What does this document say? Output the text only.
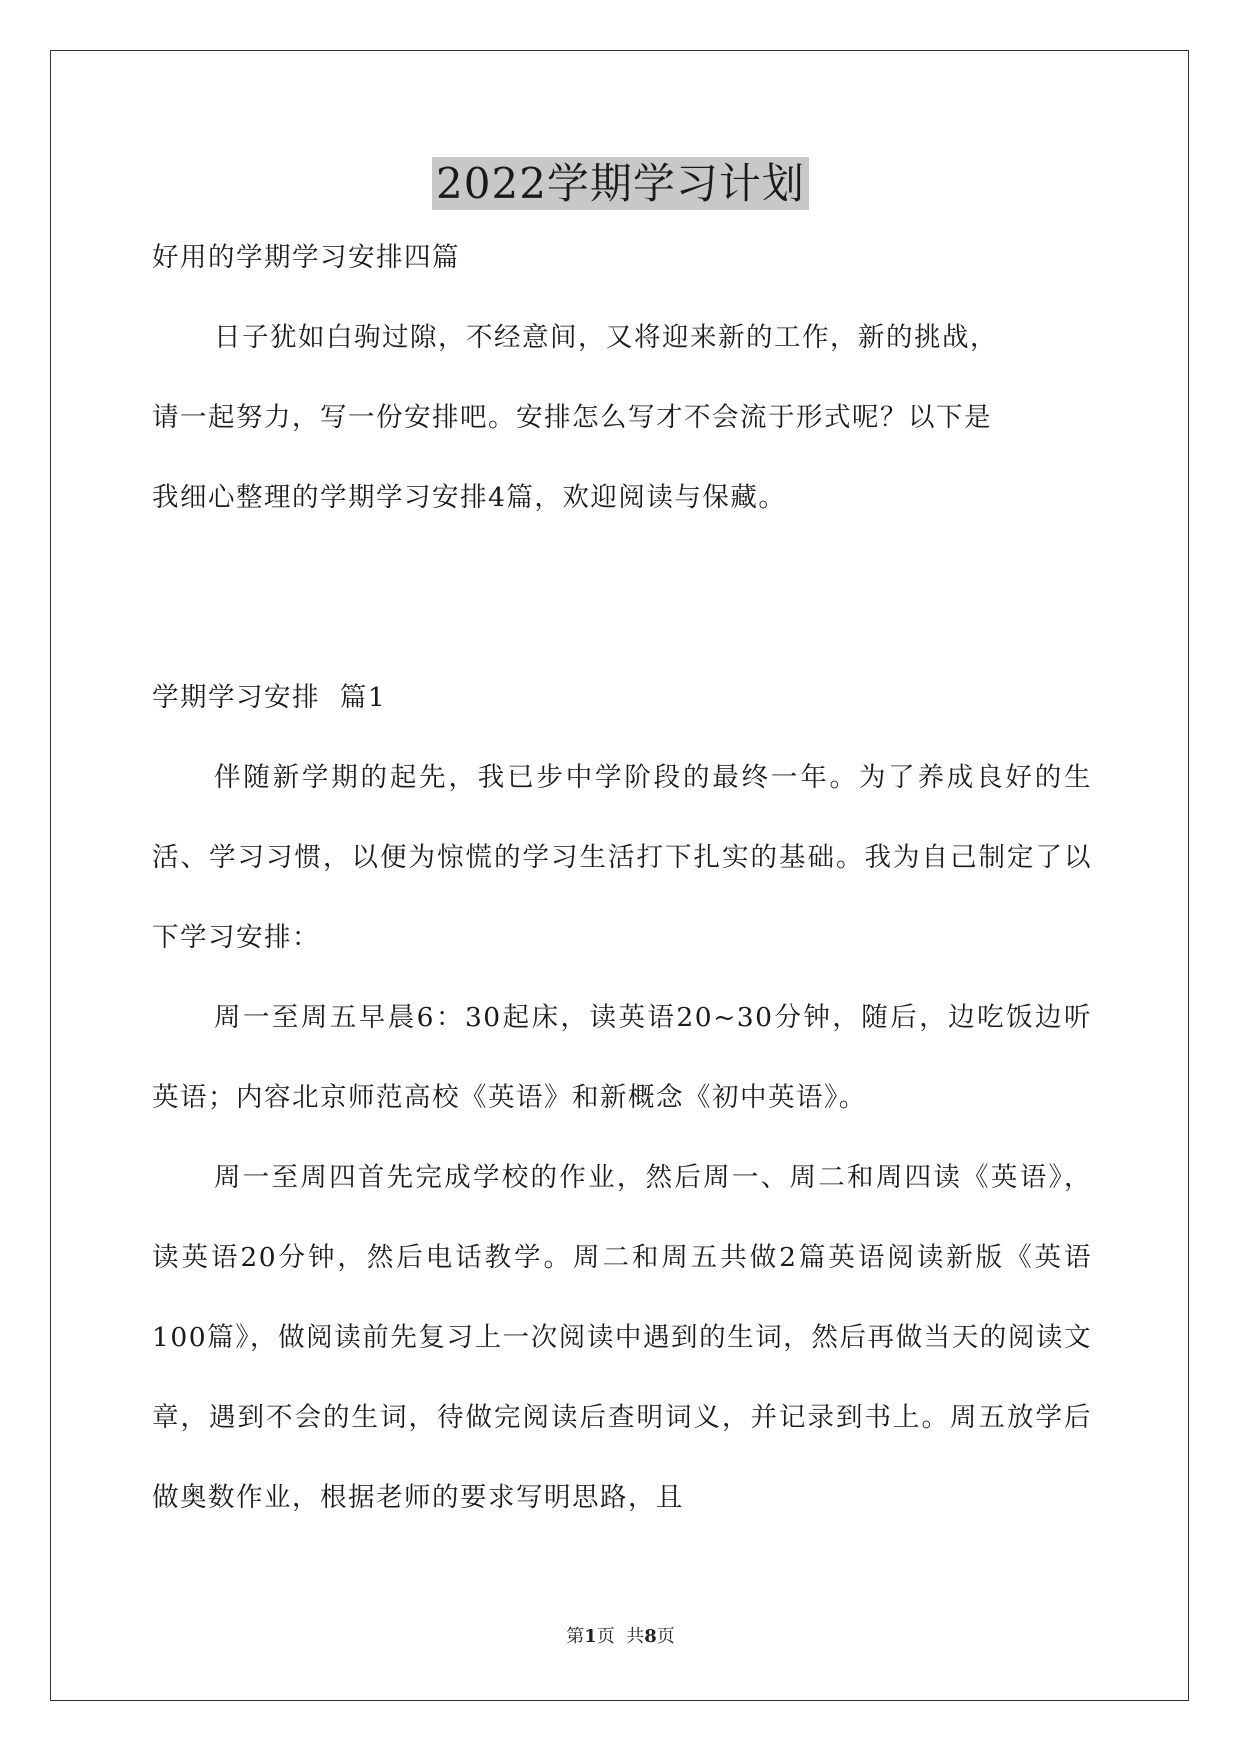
2022学期学习计划

好用的学期学习安排四篇

日子犹如白驹过隙，不经意间，又将迎来新的工作，新的挑战，

请一起努力，写一份安排吧。安排怎么写才不会流于形式呢？以下是

我细心整理的学期学习安排4篇，欢迎阅读与保藏。

学期学习安排  篇1

伴随新学期的起先，我已步中学阶段的最终一年。为了养成良好的生活、学习习惯，以便为惊慌的学习生活打下扎实的基础。我为自己制定了以下学习安排：

周一至周五早晨6：30起床，读英语20~30分钟，随后，边吃饭边听英语；内容北京师范高校《英语》和新概念《初中英语》。

周一至周四首先完成学校的作业，然后周一、周二和周四读《英语》，读英语20分钟，然后电话教学。周二和周五共做2篇英语阅读新版《英语100篇》，做阅读前先复习上一次阅读中遇到的生词，然后再做当天的阅读文章，遇到不会的生词，待做完阅读后查明词义，并记录到书上。周五放学后做奥数作业，根据老师的要求写明思路，且

第1页  共8页
